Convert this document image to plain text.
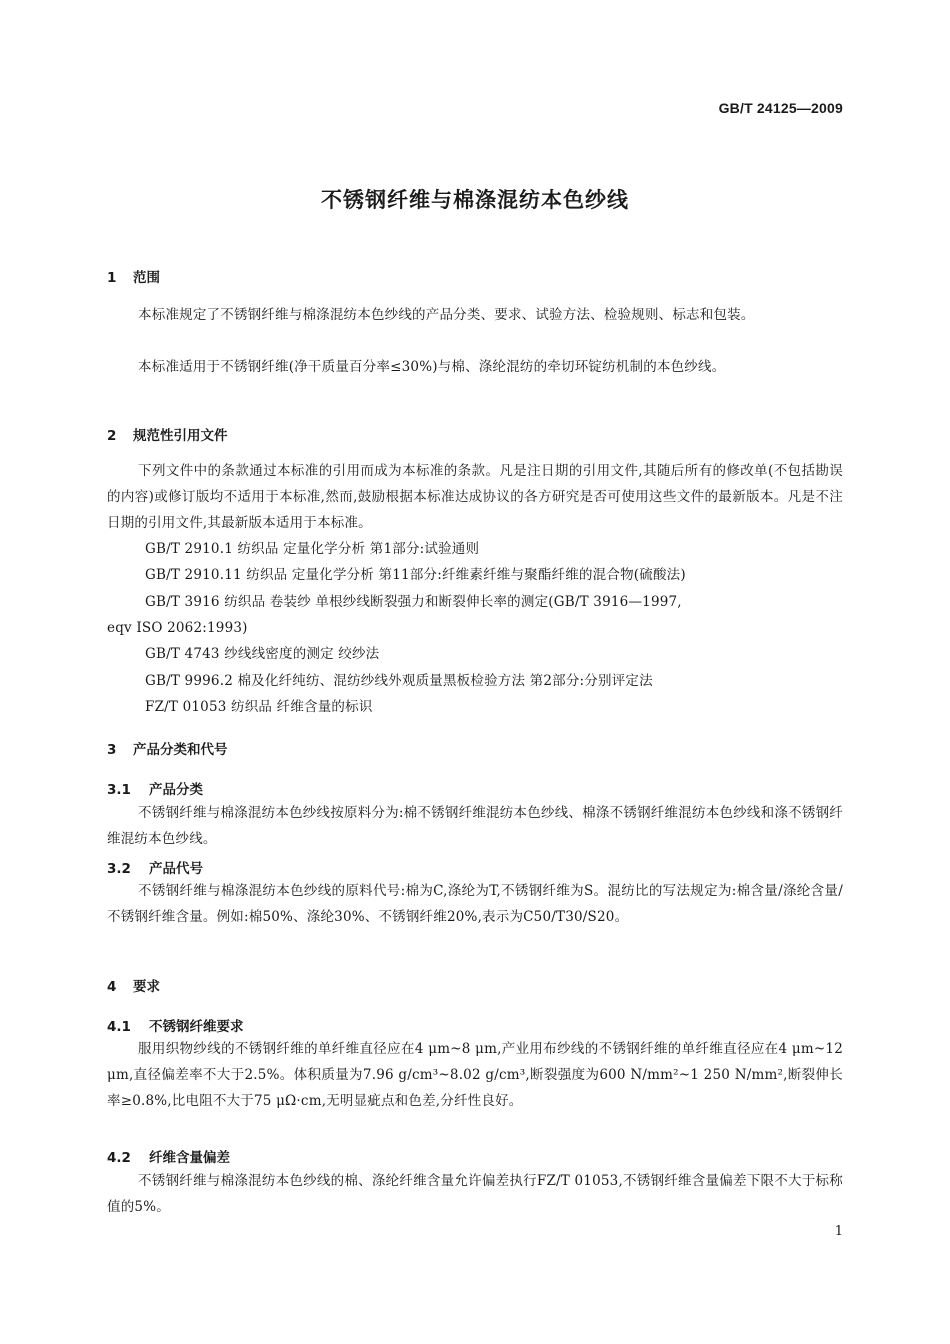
GB/T 24125—2009
不锈钢纤维与棉涤混纺本色纱线
1 范围
本标准规定了不锈钢纤维与棉涤混纺本色纱线的产品分类、要求、试验方法、检验规则、标志和包装。
本标准适用于不锈钢纤维(净干质量百分率≤30%)与棉、涤纶混纺的牵切环锭纺机制的本色纱线。
2 规范性引用文件
下列文件中的条款通过本标准的引用而成为本标准的条款。凡是注日期的引用文件,其随后所有的修改单(不包括勘误的内容)或修订版均不适用于本标准,然而,鼓励根据本标准达成协议的各方研究是否可使用这些文件的最新版本。凡是不注日期的引用文件,其最新版本适用于本标准。
GB/T 2910.1 纺织品 定量化学分析 第1部分:试验通则
GB/T 2910.11 纺织品 定量化学分析 第11部分:纤维素纤维与聚酯纤维的混合物(硫酸法)
GB/T 3916 纺织品 卷装纱 单根纱线断裂强力和断裂伸长率的测定(GB/T 3916—1997,
eqv ISO 2062:1993)
GB/T 4743 纱线线密度的测定 绞纱法
GB/T 9996.2 棉及化纤纯纺、混纺纱线外观质量黑板检验方法 第2部分:分别评定法
FZ/T 01053 纺织品 纤维含量的标识
3 产品分类和代号
3.1 产品分类
不锈钢纤维与棉涤混纺本色纱线按原料分为:棉不锈钢纤维混纺本色纱线、棉涤不锈钢纤维混纺本色纱线和涤不锈钢纤维混纺本色纱线。
3.2 产品代号
不锈钢纤维与棉涤混纺本色纱线的原料代号:棉为C,涤纶为T,不锈钢纤维为S。混纺比的写法规定为:棉含量/涤纶含量/不锈钢纤维含量。例如:棉50%、涤纶30%、不锈钢纤维20%,表示为C50/T30/S20。
4 要求
4.1 不锈钢纤维要求
服用织物纱线的不锈钢纤维的单纤维直径应在4 μm~8 μm,产业用布纱线的不锈钢纤维的单纤维直径应在4 μm~12 μm,直径偏差率不大于2.5%。体积质量为7.96 g/cm³~8.02 g/cm³,断裂强度为600 N/mm²~1 250 N/mm²,断裂伸长率≥0.8%,比电阻不大于75 μΩ·cm,无明显疵点和色差,分纤性良好。
4.2 纤维含量偏差
不锈钢纤维与棉涤混纺本色纱线的棉、涤纶纤维含量允许偏差执行FZ/T 01053,不锈钢纤维含量偏差下限不大于标称值的5%。
1
